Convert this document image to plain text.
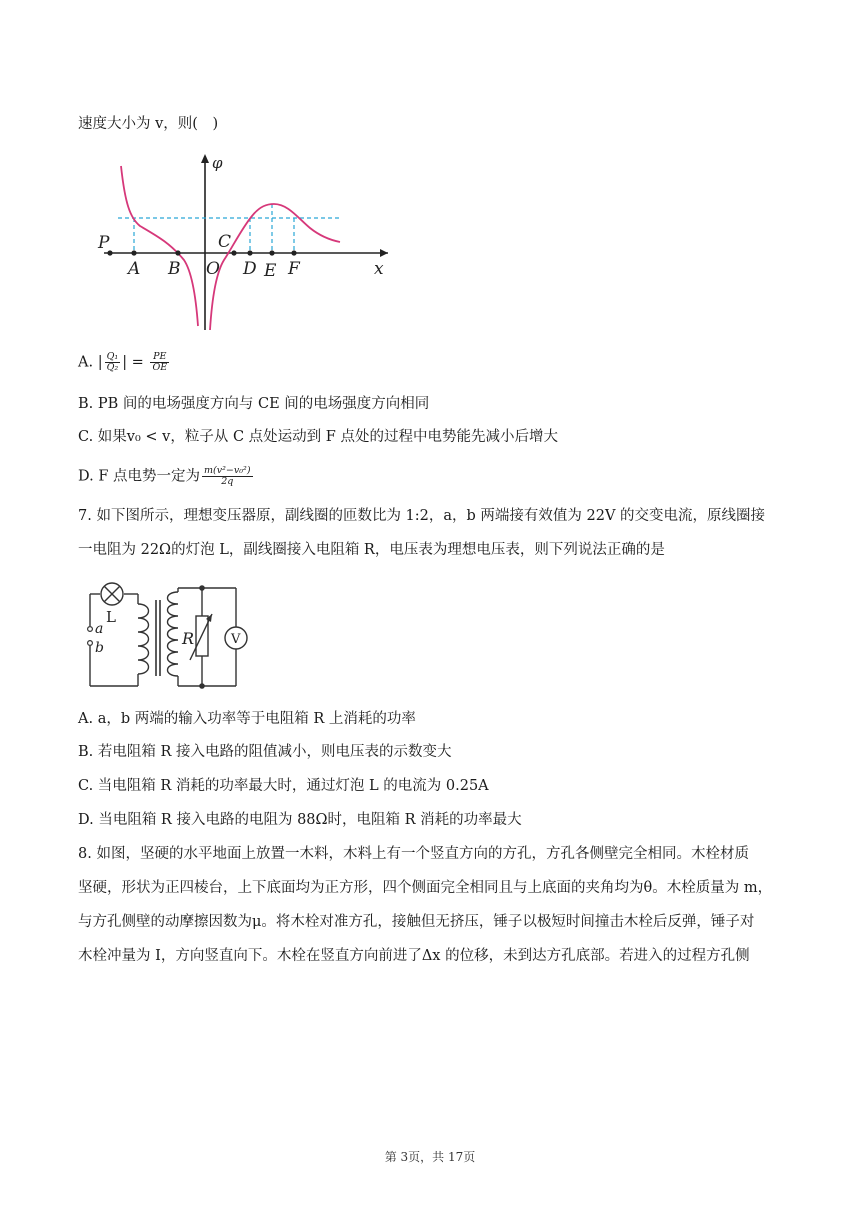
速度大小为 v，则(　)
φ
x
P
A B O
C
D E F
A. | $\frac{\text{Q₁}}{\text{Q₂}}$ | = $\frac{PE}{OE}$
B. PB 间的电场强度方向与 CE 间的电场强度方向相同
C. 如果v₀ < v，粒子从 C 点处运动到 F 点处的过程中电势能先减小后增大
D. F 点电势一定为 $\frac{\text{m(v²−v₀²)}}{2q}$
7. 如下图所示，理想变压器原，副线圈的匝数比为 1:2，a，b 两端接有效值为 22V 的交变电流，原线圈接
一电阻为 22Ω的灯泡 L，副线圈接入电阻箱 R，电压表为理想电压表，则下列说法正确的是
L
a
b	R	V
A. a，b 两端的输入功率等于电阻箱 R 上消耗的功率
B. 若电阻箱 R 接入电路的阻值减小，则电压表的示数变大
C. 当电阻箱 R 消耗的功率最大时，通过灯泡 L 的电流为 0.25A
D. 当电阻箱 R 接入电路的电阻为 88Ω时，电阻箱 R 消耗的功率最大
8. 如图，坚硬的水平地面上放置一木料，木料上有一个竖直方向的方孔，方孔各侧壁完全相同。木栓材质
坚硬，形状为正四棱台，上下底面均为正方形，四个侧面完全相同且与上底面的夹角均为θ。木栓质量为 m，
与方孔侧壁的动摩擦因数为μ。将木栓对准方孔，接触但无挤压，锤子以极短时间撞击木栓后反弹，锤子对
木栓冲量为 I，方向竖直向下。木栓在竖直方向前进了Δx 的位移，未到达方孔底部。若进入的过程方孔侧
第 3页，共 17页
